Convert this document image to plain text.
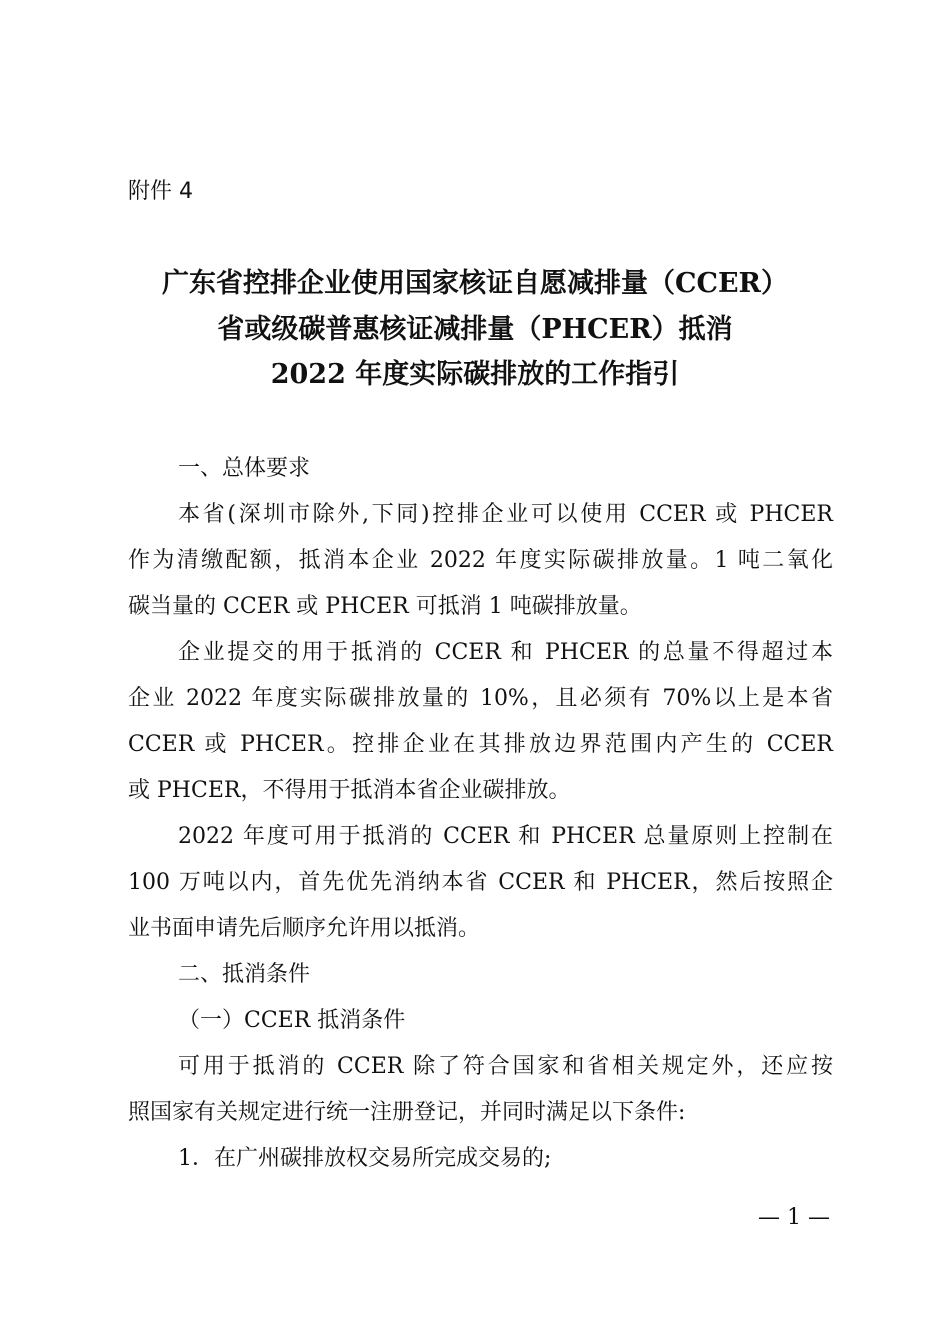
附件 4
广东省控排企业使用国家核证自愿减排量（CCER）
省或级碳普惠核证减排量（PHCER）抵消
2022 年度实际碳排放的工作指引
一、总体要求
本省(深圳市除外,下同)控排企业可以使用 CCER 或 PHCER
作为清缴配额，抵消本企业 2022 年度实际碳排放量。1 吨二氧化
碳当量的 CCER 或 PHCER 可抵消 1 吨碳排放量。
企业提交的用于抵消的 CCER 和 PHCER 的总量不得超过本
企业 2022 年度实际碳排放量的 10%，且必须有 70%以上是本省
CCER 或 PHCER。控排企业在其排放边界范围内产生的 CCER
或 PHCER，不得用于抵消本省企业碳排放。
2022 年度可用于抵消的 CCER 和 PHCER 总量原则上控制在
100 万吨以内，首先优先消纳本省 CCER 和 PHCER，然后按照企
业书面申请先后顺序允许用以抵消。
二、抵消条件
（一）CCER 抵消条件
可用于抵消的 CCER 除了符合国家和省相关规定外，还应按
照国家有关规定进行统一注册登记，并同时满足以下条件:
1．在广州碳排放权交易所完成交易的;
— 1 —
